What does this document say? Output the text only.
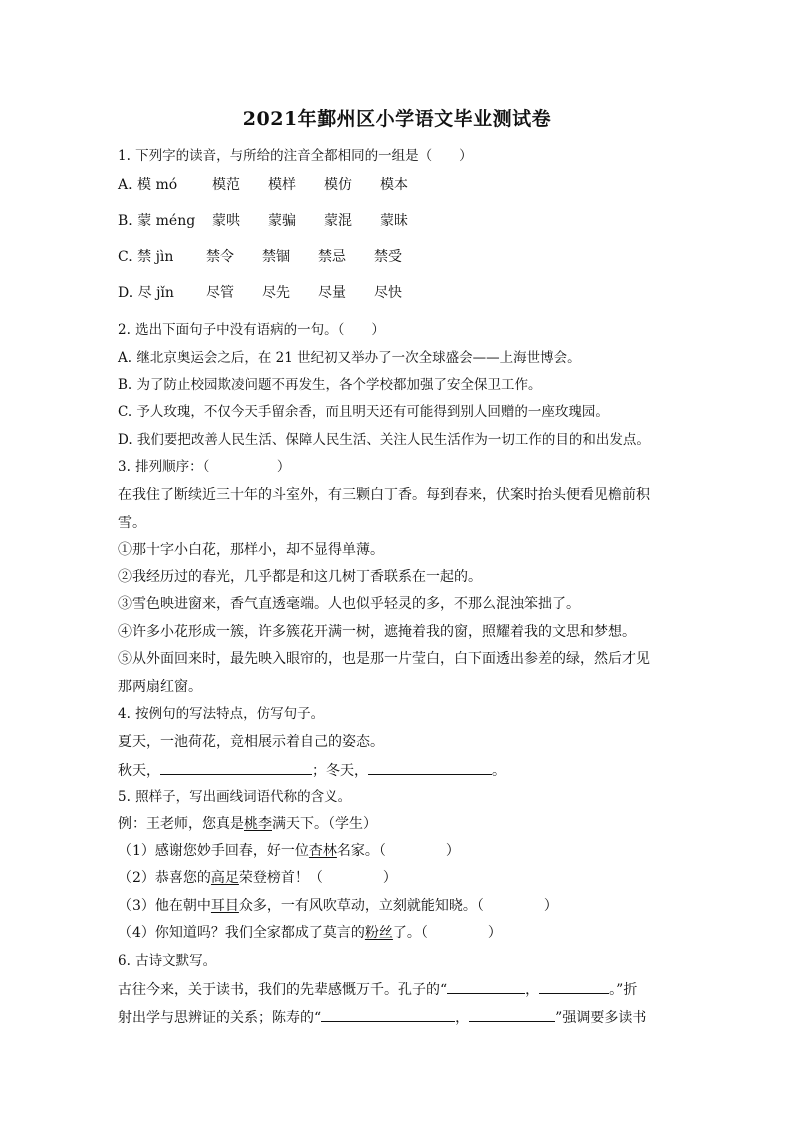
2021年鄞州区小学语文毕业测试卷
1. 下列字的读音，与所给的注音全都相同的一组是（　　）
A. 模 mó 模范 模样 模仿 模本
B. 蒙 méng 蒙哄 蒙骗 蒙混 蒙昧
C. 禁 jìn 禁令 禁锢 禁忌 禁受
D. 尽 jǐn 尽管 尽先 尽量 尽快
2. 选出下面句子中没有语病的一句。（　　）
A. 继北京奥运会之后，在 21 世纪初又举办了一次全球盛会——上海世博会。
B. 为了防止校园欺凌问题不再发生，各个学校都加强了安全保卫工作。
C. 予人玫瑰，不仅今天手留余香，而且明天还有可能得到别人回赠的一座玫瑰园。
D. 我们要把改善人民生活、保障人民生活、关注人民生活作为一切工作的目的和出发点。
3. 排列顺序：（　　　　　）
在我住了断续近三十年的斗室外，有三颗白丁香。每到春来，伏案时抬头便看见檐前积
雪。
①那十字小白花，那样小，却不显得单薄。
②我经历过的春光，几乎都是和这几树丁香联系在一起的。
③雪色映进窗来，香气直透毫端。人也似乎轻灵的多，不那么混浊笨拙了。
④许多小花形成一簇，许多簇花开满一树，遮掩着我的窗，照耀着我的文思和梦想。
⑤从外面回来时，最先映入眼帘的，也是那一片莹白，白下面透出参差的绿，然后才见
那两扇红窗。
4. 按例句的写法特点，仿写句子。
夏天，一池荷花，竞相展示着自己的姿态。
秋天，	；冬天，	。
5. 照样子，写出画线词语代称的含义。
例：王老师，您真是桃李满天下。（学生）
（1）感谢您妙手回春，好一位杏林名家。（	）
（2）恭喜您的高足荣登榜首！（	）
（3）他在朝中耳目众多，一有风吹草动，立刻就能知晓。（	）
（4）你知道吗？我们全家都成了莫言的粉丝了。（	）
6. 古诗文默写。
古往今来，关于读书，我们的先辈感慨万千。孔子的“	，	。”折
射出学与思辨证的关系；陈寿的“	，	”强调要多读书
